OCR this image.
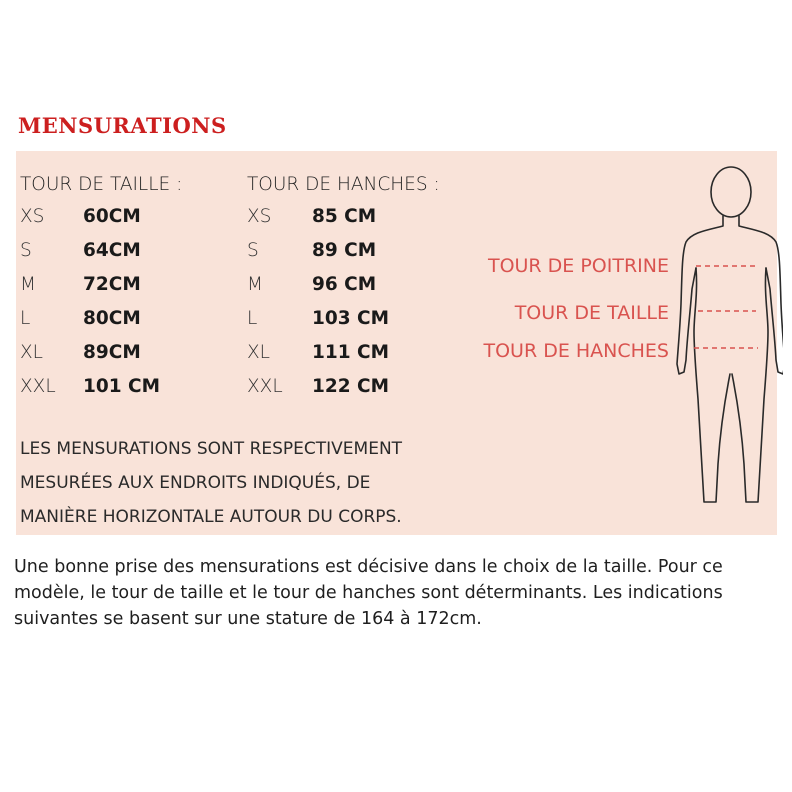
MENSURATIONS
TOUR DE TAILLE :
XS 60CM
S	64CM
M	72CM
L	80CM
XL 89CM
XXL 101 CM
TOUR DE HANCHES :
XS 85 CM
S	89 CM
M	96 CM
L	103 CM
XL 111 CM
XXL 122 CM
LES MENSURATIONS SONT RESPECTIVEMENT
MESURÉES AUX ENDROITS INDIQUÉS, DE
MANIÈRE HORIZONTALE AUTOUR DU CORPS.
TOUR DE POITRINE
TOUR DE TAILLE
TOUR DE HANCHES
Une bonne prise des mensurations est décisive dans le choix de la taille. Pour ce modèle, le tour de taille et le tour de hanches sont déterminants. Les indications suivantes se basent sur une stature de 164 à 172cm.
